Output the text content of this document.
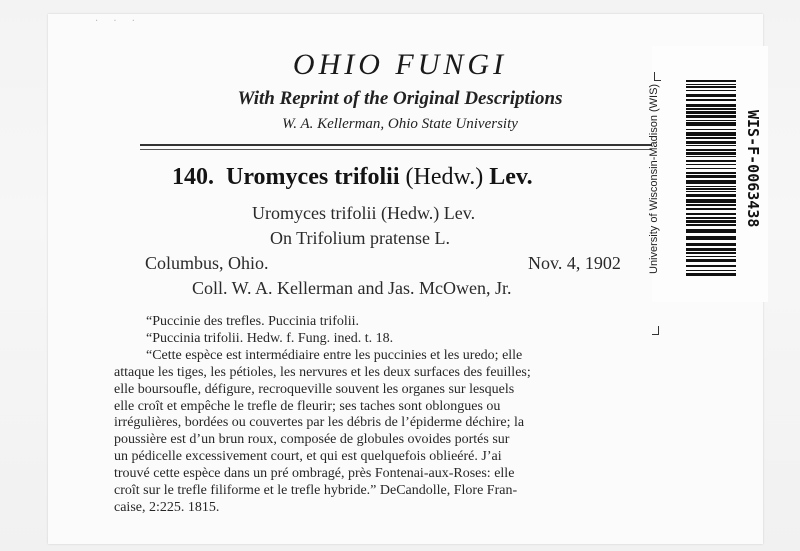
· · ·
OHIO FUNGI
With Reprint of the Original Descriptions
W. A. Kellerman, Ohio State University
140. Uromyces trifolii (Hedw.) Lev.
Uromyces trifolii (Hedw.) Lev.
On Trifolium pratense L.
Columbus, Ohio.	Nov. 4, 1902
Coll. W. A. Kellerman and Jas. McOwen, Jr.

“Puccinie des trefles. Puccinia trifolii.

“Puccinia trifolii. Hedw. f. Fung. ined. t. 18.

“Cette espèce est intermédiaire entre les puccinies et les uredo; elle

attaque les tiges, les pétioles, les nervures et les deux surfaces des feuilles;

elle boursoufle, défigure, recroqueville souvent les organes sur lesquels

elle croît et empêche le trefle de fleurir; ses taches sont oblongues ou

irrégulières, bordées ou couvertes par les débris de l’épiderme déchire; la

poussière est d’un brun roux, composée de globules ovoides portés sur

un pédicelle excessivement court, et qui est quelquefois oblieéré. J’ai

trouvé cette espèce dans un pré ombragé, près Fontenai-aux-Roses: elle

croît sur le trefle filiforme et le trefle hybride.” DeCandolle, Flore Fran-

caise, 2:225. 1815.

University of Wisconsin-Madison (WIS)	WIS-F-0063438
